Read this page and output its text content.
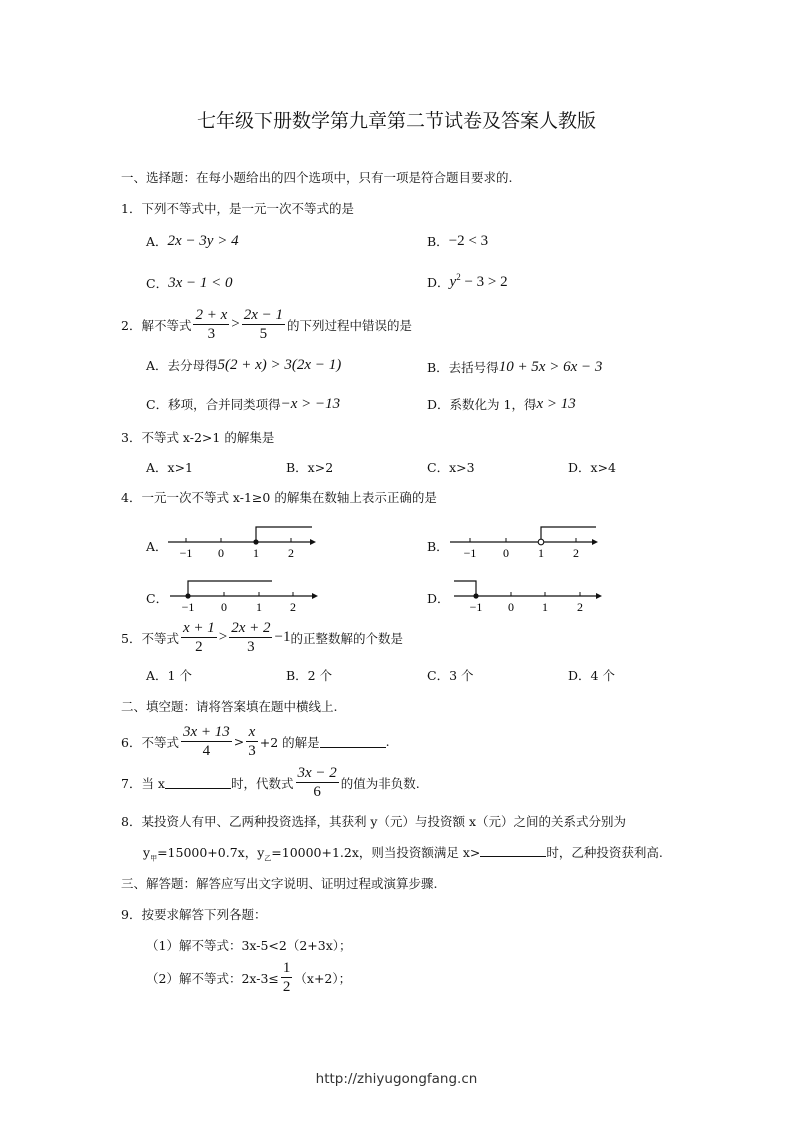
七年级下册数学第九章第二节试卷及答案人教版
一、选择题：在每小题给出的四个选项中，只有一项是符合题目要求的.
1．下列不等式中，是一元一次不等式的是
A． 2x − 3y > 4	B． −2 < 3
C． 3x − 1 < 0	D． $y^2 - 3 > 2$
2．解不等式 $\frac{2 + x}{3} > \frac{2x - 1}{5}$ 的下列过程中错误的是
A．去分母得 5(2 + x) > 3(2x − 1)	B．去括号得 10 + 5x > 6x − 3
C．移项，合并同类项得 −x > −13	D．系数化为 1，得 x > 13
3．不等式 x-2>1 的解集是
A．x>1	B．x>2	C．x>3	D．x>4
4．一元一次不等式 x-1≥0 的解集在数轴上表示正确的是
A． −1 0 1 2	B． −1 0 1 2
C．
−1 0 1 2
D．
−1 0 1 2
5．不等式 $\frac{x + 1}{2} > \frac{2x + 2}{3} -1$ 的正整数解的个数是
A．1 个	B．2 个	C．3 个	D．4 个
二、填空题：请将答案填在题中横线上.
6．不等式 $\frac{3x + 13}{4} > \frac{x}{3} +2$ 的解是	.
7．当 x	时，代数式 $\frac{3x - 2}{6}$ 的值为非负数.
8．某投资人有甲、乙两种投资选择，其获利 y（元）与投资额 x（元）之间的关系式分别为
$y_甲=15000+0.7x$，$y_乙=10000+1.2x$，则当投资额满足 x>	时，乙种投资获利高.
三、解答题：解答应写出文字说明、证明过程或演算步骤.
9．按要求解答下列各题：
（1）解不等式：3x-5<2（2+3x）；
（2）解不等式：$2x-3\le \frac{1}{2} (x+2)$；
http://zhiyugongfang.cn
